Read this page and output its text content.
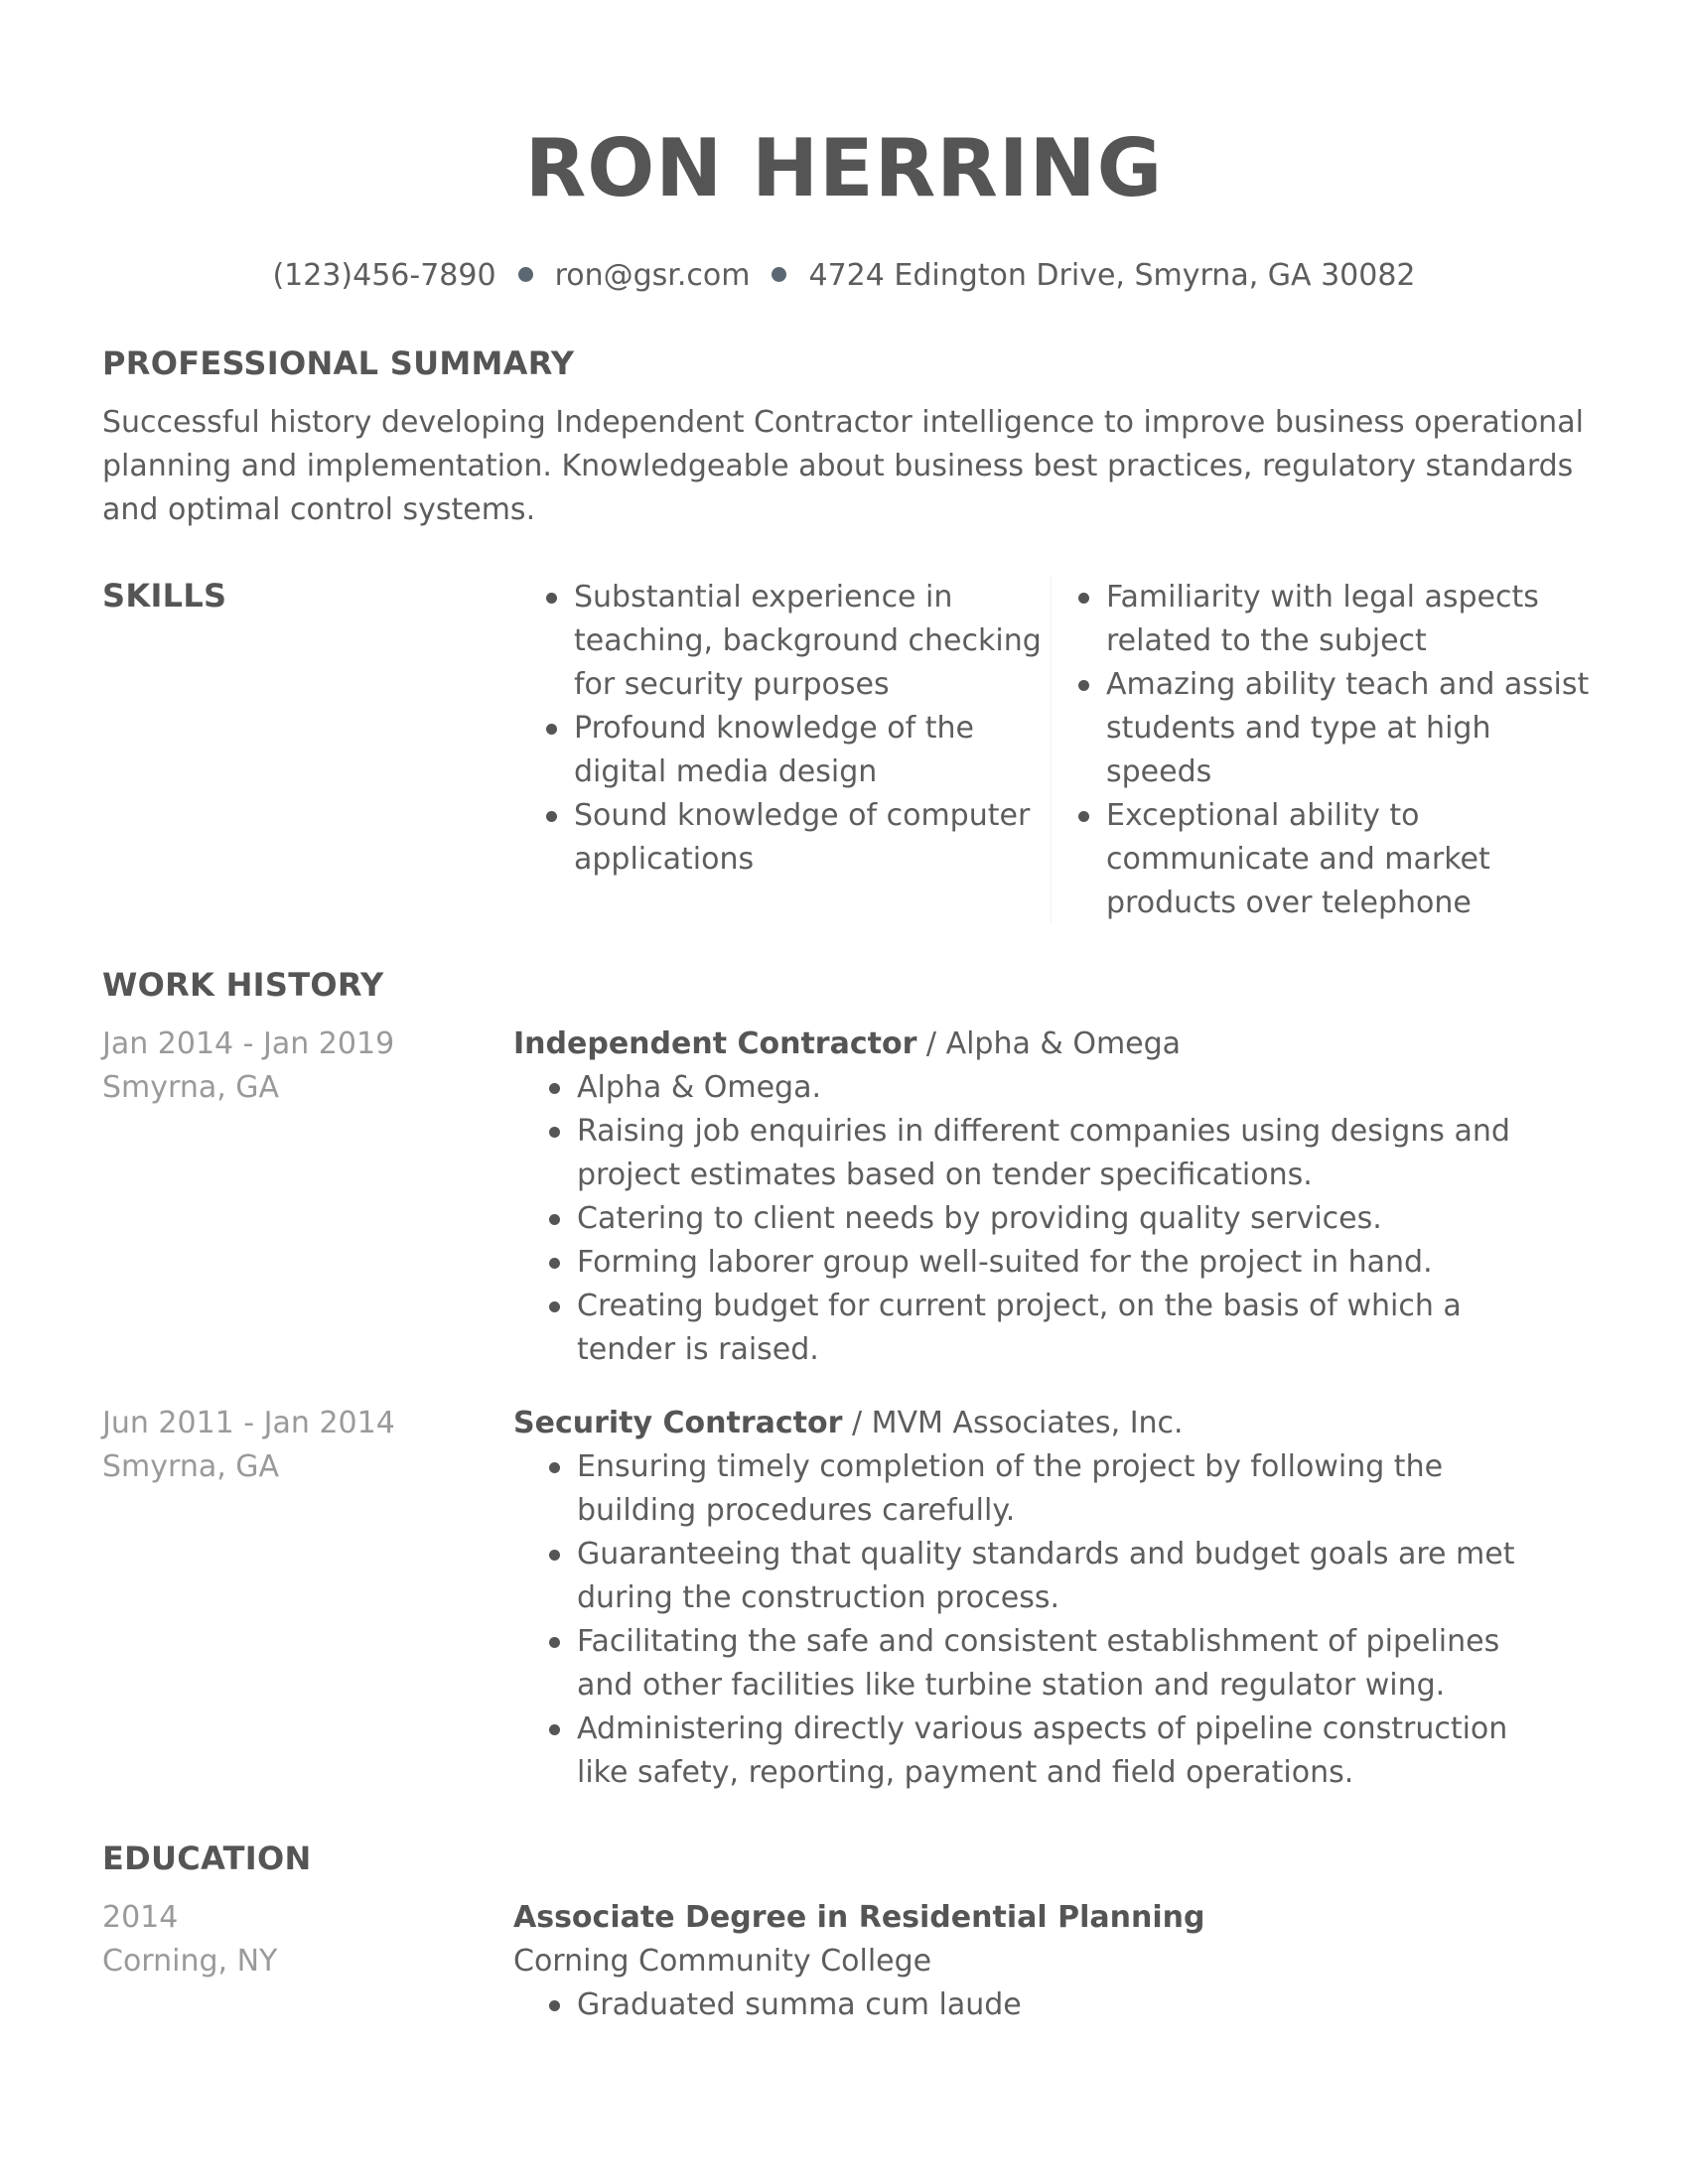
RON HERRING
(123)456-7890 ron@gsr.com 4724 Edington Drive, Smyrna, GA 30082
PROFESSIONAL SUMMARY
Successful history developing Independent Contractor intelligence to improve business operational planning and implementation. Knowledgeable about business best practices, regulatory standards and optimal control systems.
SKILLS	Substantial experience in teaching, background checking for security purposes
Profound knowledge of the digital media design
Sound knowledge of computer applications
Familiarity with legal aspects related to the subject
Amazing ability teach and assist students and type at high speeds
Exceptional ability to communicate and market products over telephone
WORK HISTORY
Jan 2014 - Jan 2019
Smyrna, GA
Independent Contractor / Alpha & Omega
Alpha & Omega.
Raising job enquiries in different companies using designs and project estimates based on tender specifications.
Catering to client needs by providing quality services.
Forming laborer group well-suited for the project in hand.
Creating budget for current project, on the basis of which a tender is raised.
Jun 2011 - Jan 2014
Smyrna, GA
Security Contractor / MVM Associates, Inc.
Ensuring timely completion of the project by following the building procedures carefully.
Guaranteeing that quality standards and budget goals are met during the construction process.
Facilitating the safe and consistent establishment of pipelines and other facilities like turbine station and regulator wing.
Administering directly various aspects of pipeline construction like safety, reporting, payment and field operations.
EDUCATION
2014
Corning, NY
Associate Degree in Residential Planning
Corning Community College
Graduated summa cum laude
